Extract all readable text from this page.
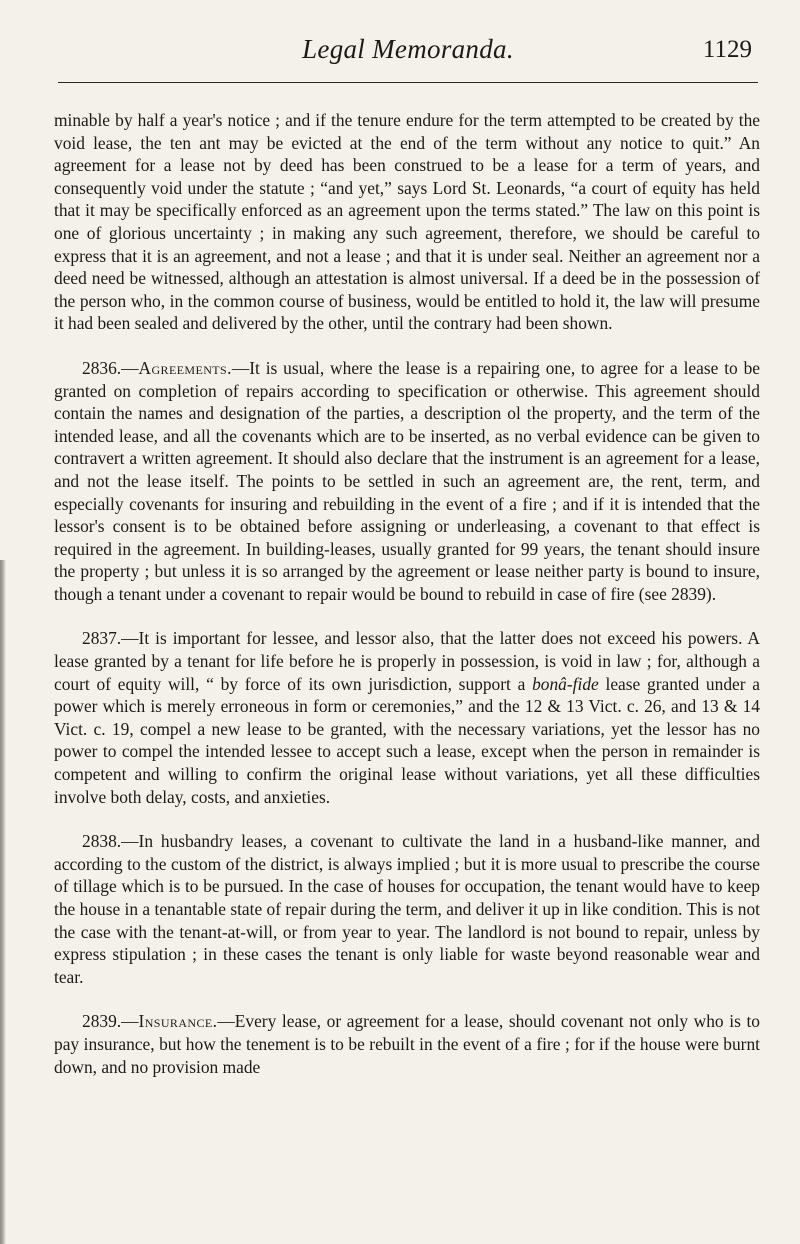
Legal Memoranda.	1129

minable by half a year's notice ; and if the tenure endure for the term attempted to be created by the void lease, the ten ant may be evicted at the end of the term without any notice to quit.” An agreement for a lease not by deed has been construed to be a lease for a term of years, and consequently void under the statute ; “and yet,” says Lord St. Leonards, “a court of equity has held that it may be specifically enforced as an agreement upon the terms stated.” The law on this point is one of glorious uncertainty ; in making any such agreement, therefore, we should be careful to express that it is an agreement, and not a lease ; and that it is under seal. Neither an agreement nor a deed need be witnessed, although an attestation is almost universal. If a deed be in the possession of the person who, in the common course of business, would be entitled to hold it, the law will presume it had been sealed and delivered by the other, until the contrary had been shown.

2836.—Agreements.—It is usual, where the lease is a repairing one, to agree for a lease to be granted on completion of repairs according to specification or otherwise. This agreement should contain the names and designation of the parties, a description ol the property, and the term of the intended lease, and all the covenants which are to be inserted, as no verbal evidence can be given to contravert a written agreement. It should also declare that the instrument is an agreement for a lease, and not the lease itself. The points to be settled in such an agreement are, the rent, term, and especially covenants for insuring and rebuilding in the event of a fire ; and if it is intended that the lessor's consent is to be obtained before assigning or underleasing, a covenant to that effect is required in the agreement. In building-leases, usually granted for 99 years, the tenant should insure the property ; but unless it is so arranged by the agreement or lease neither party is bound to insure, though a tenant under a covenant to repair would be bound to rebuild in case of fire (see 2839).

2837.—It is important for lessee, and lessor also, that the latter does not exceed his powers. A lease granted by a tenant for life before he is properly in possession, is void in law ; for, although a court of equity will, “ by force of its own jurisdiction, support a bonâ-fide lease granted under a power which is merely erroneous in form or ceremonies,” and the 12 & 13 Vict. c. 26, and 13 & 14 Vict. c. 19, compel a new lease to be granted, with the necessary variations, yet the lessor has no power to compel the intended lessee to accept such a lease, except when the person in remainder is competent and willing to confirm the original lease without variations, yet all these difficulties involve both delay, costs, and anxieties.

2838.—In husbandry leases, a covenant to cultivate the land in a husband-like manner, and according to the custom of the district, is always implied ; but it is more usual to prescribe the course of tillage which is to be pursued. In the case of houses for occupation, the tenant would have to keep the house in a tenantable state of repair during the term, and deliver it up in like condition. This is not the case with the tenant-at-will, or from year to year. The landlord is not bound to repair, unless by express stipulation ; in these cases the tenant is only liable for waste beyond reasonable wear and tear.

2839.—Insurance.—Every lease, or agreement for a lease, should covenant not only who is to pay insurance, but how the tenement is to be rebuilt in the event of a fire ; for if the house were burnt down, and no provision made
